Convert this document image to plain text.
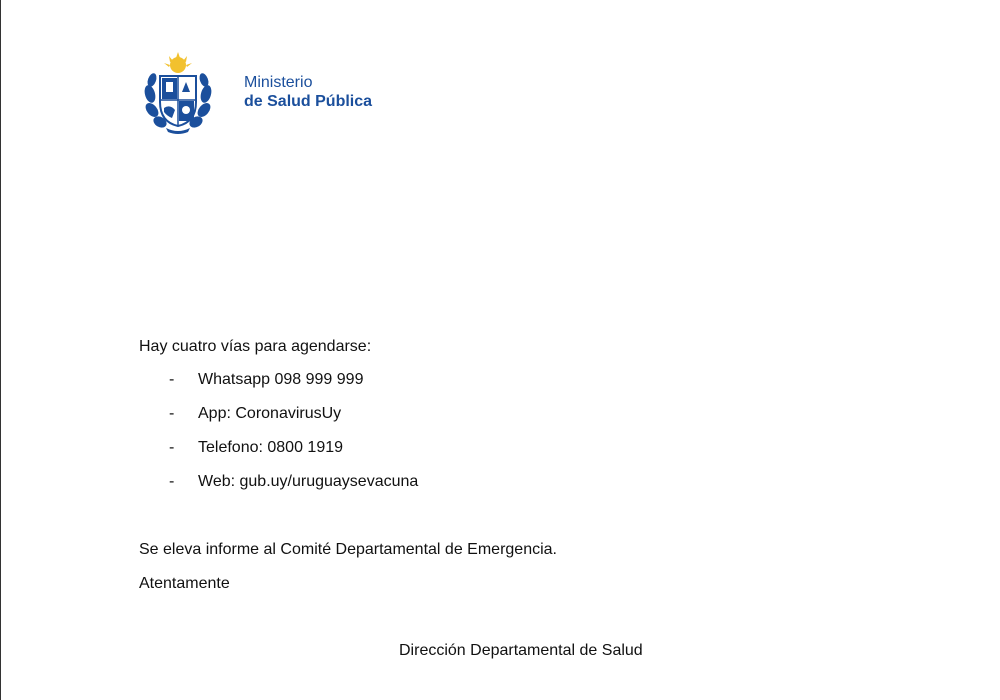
Ministerio
de Salud Pública
Hay cuatro vías para agendarse:
-	Whatsapp 098 999 999
-	App: CoronavirusUy
-	Telefono: 0800 1919
-	Web: gub.uy/uruguaysevacuna
Se eleva informe al Comité Departamental de Emergencia.
Atentamente
Dirección Departamental de Salud
